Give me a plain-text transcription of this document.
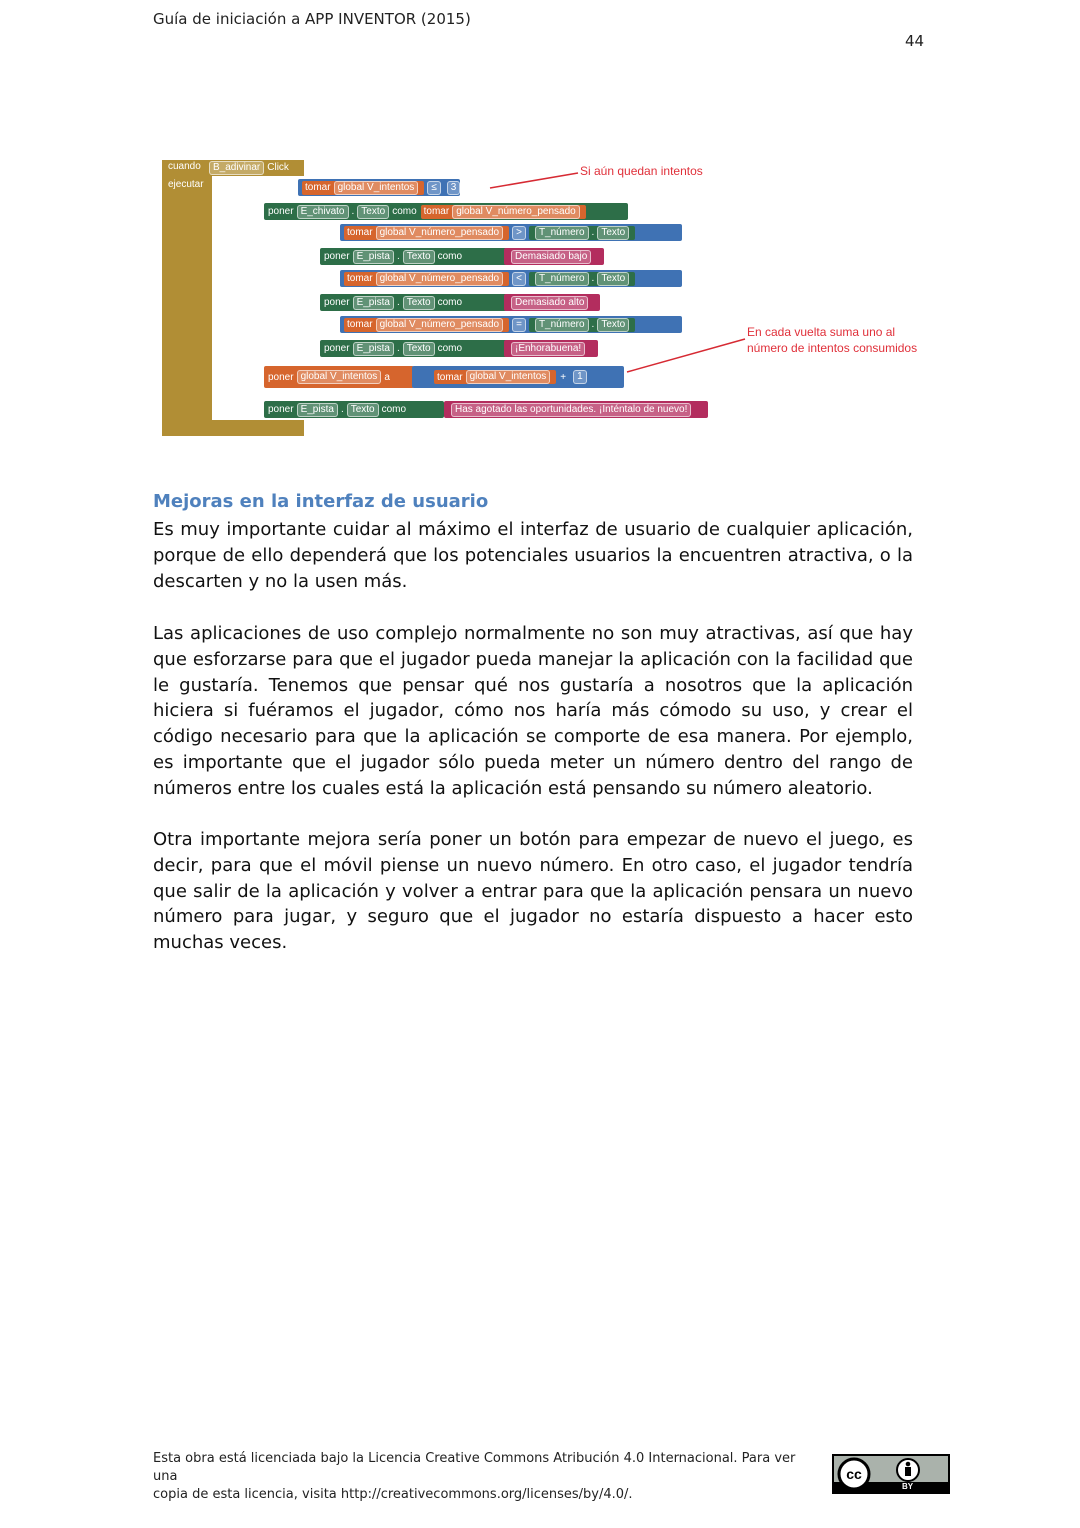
Guía de iniciación a APP INVENTOR (2015)
44
cuando	B_adivinar Click
ejecutar	si
entonces
si no
tomar global V_intentos	≤	3
poner E_chivato . Texto como tomar global V_número_pensado
si	tomar global V_número_pensado	>	T_número . Texto
entonces poner E_pista . Texto como	Demasiado bajo
si no, si	tomar global V_número_pensado	<	T_número . Texto
entonces poner E_pista . Texto como	Demasiado alto
si no, si	tomar global V_número_pensado	=	T_número . Texto
entonces poner E_pista . Texto como	¡Enhorabuena!
poner global V_intentos a	tomar global V_intentos	+	1
poner E_pista . Texto como	Has agotado las oportunidades. ¡Inténtalo de nuevo!
Si aún quedan intentos
En cada vuelta suma uno al
número de intentos consumidos
Mejoras en la interfaz de usuario

Es muy importante cuidar al máximo el interfaz de usuario de cualquier aplicación, porque de ello dependerá que los potenciales usuarios la encuentren atractiva, o la descarten y no la usen más.

Las aplicaciones de uso complejo normalmente no son muy atractivas, así que hay que esforzarse para que el jugador pueda manejar la aplicación con la facilidad que le gustaría. Tenemos que pensar qué nos gustaría a nosotros que la aplicación hiciera si fuéramos el jugador, cómo nos haría más cómodo su uso, y crear el código necesario para que la aplicación se comporte de esa manera. Por ejemplo, es importante que el jugador sólo pueda meter un número dentro del rango de números entre los cuales está la aplicación está pensando su número aleatorio.

Otra importante mejora sería poner un botón para empezar de nuevo el juego, es decir, para que el móvil piense un nuevo número. En otro caso, el jugador tendría que salir de la aplicación y volver a entrar para que la aplicación pensara un nuevo número para jugar, y seguro que el jugador no estaría dispuesto a hacer esto muchas veces.

Esta obra está licenciada bajo la Licencia Creative Commons Atribución 4.0 Internacional. Para ver una
copia de esta licencia, visita http://creativecommons.org/licenses/by/4.0/.
cc
BY
